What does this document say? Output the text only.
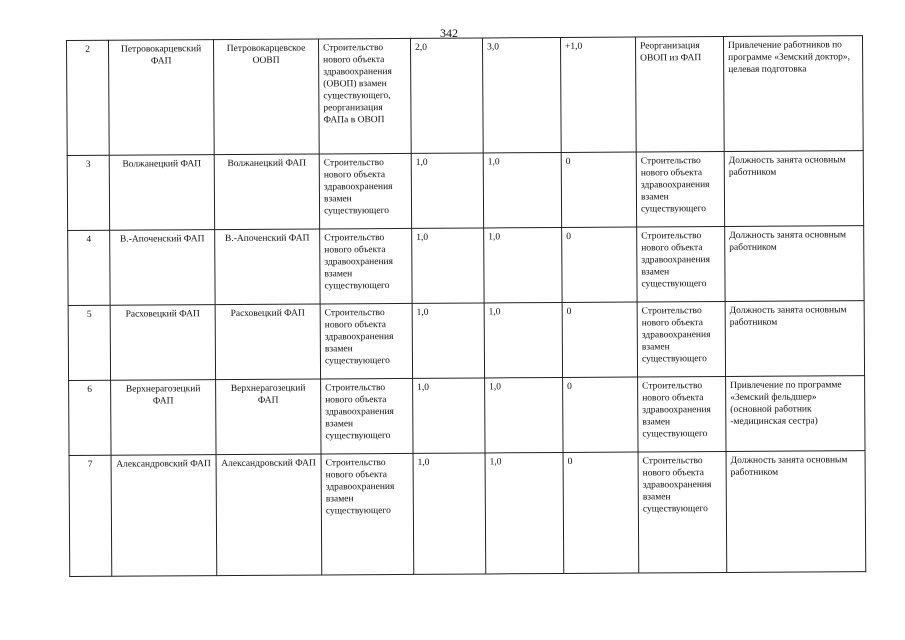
342
2	Петровокарцевский ФАП	Петровокарцевское ООВП	Строительство нового объекта здравоохранения (ОВОП) взамен существующего, реорганизация ФАПа в ОВОП	2,0	3,0	+1,0	Реорганизация ОВОП из ФАП	Привлечение работников по программе «Земский доктор», целевая подготовка
3	Волжанецкий ФАП	Волжанецкий ФАП	Строительство нового объекта здравоохранения взамен существующего	1,0	1,0	0	Строительство нового объекта здравоохранения взамен существующего	Должность занята основным работником
4	В.-Апоченский ФАП	В.-Апоченский ФАП	Строительство нового объекта здравоохранения взамен существующего	1,0	1,0	0	Строительство нового объекта здравоохранения взамен существующего	Должность занята основным работником
5	Расховецкий ФАП	Расховецкий ФАП	Строительство нового объекта здравоохранения взамен существующего	1,0	1,0	0	Строительство нового объекта здравоохранения взамен существующего	Должность занята основным работником
6	Верхнерагозецкий ФАП	Верхнерагозецкий ФАП	Строительство нового объекта здравоохранения взамен существующего	1,0	1,0	0	Строительство нового объекта здравоохранения взамен существующего	Привлечение по программе «Земский фельдшер» (основной работник -медицинская сестра)
7	Александровский ФАП	Александровский ФАП	Строительство нового объекта здравоохранения взамен существующего	1,0	1,0	0	Строительство нового объекта здравоохранения взамен существующего	Должность занята основным работником
